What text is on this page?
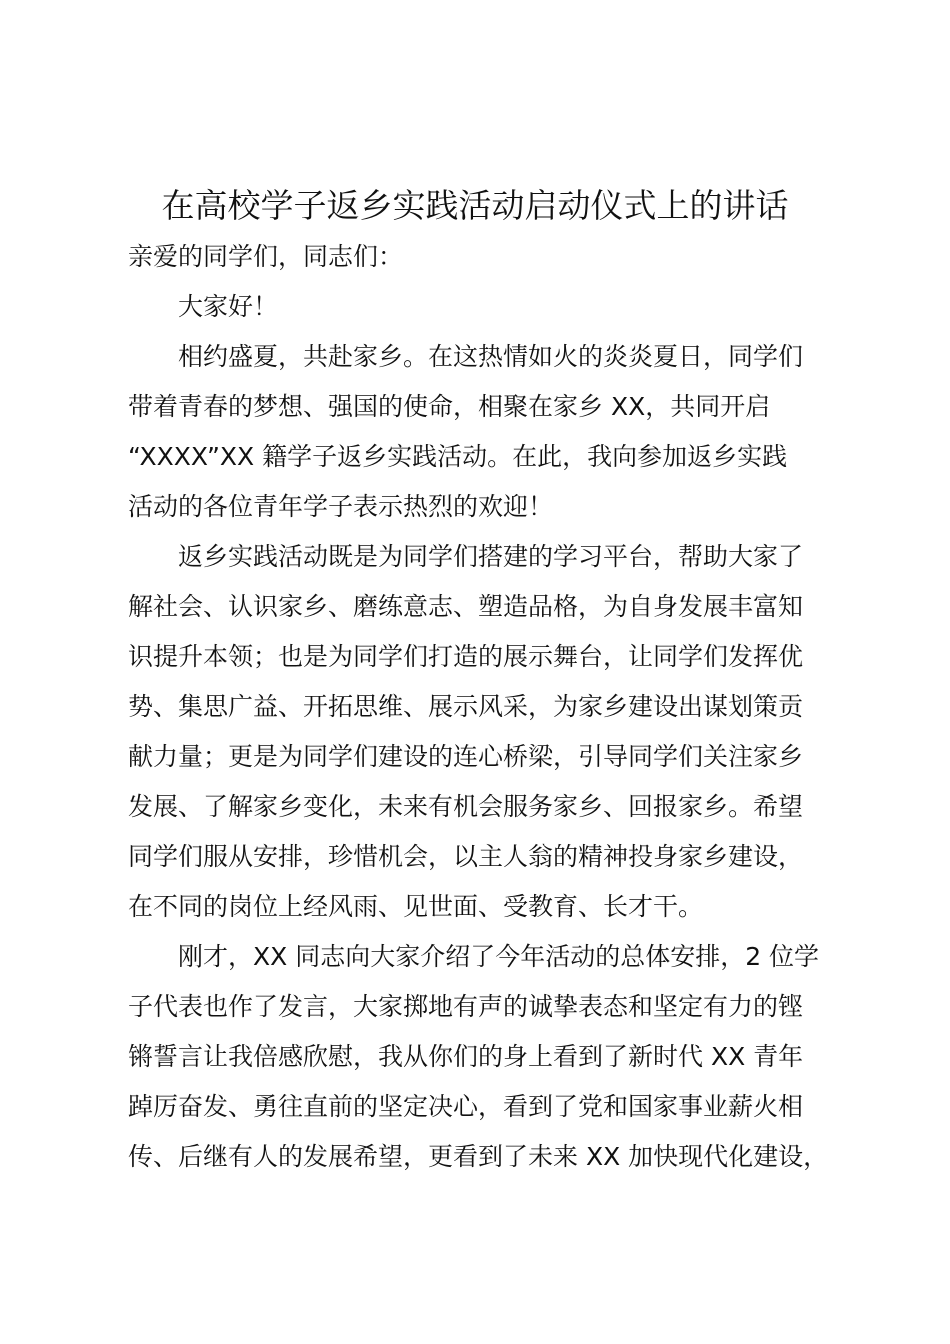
在高校学子返乡实践活动启动仪式上的讲话
亲爱的同学们，同志们：
大家好！
相约盛夏，共赴家乡。在这热情如火的炎炎夏日，同学们
带着青春的梦想、强国的使命，相聚在家乡 XX，共同开启
“XXXX”XX 籍学子返乡实践活动。在此，我向参加返乡实践
活动的各位青年学子表示热烈的欢迎！
返乡实践活动既是为同学们搭建的学习平台，帮助大家了
解社会、认识家乡、磨练意志、塑造品格，为自身发展丰富知
识提升本领；也是为同学们打造的展示舞台，让同学们发挥优
势、集思广益、开拓思维、展示风采，为家乡建设出谋划策贡
献力量；更是为同学们建设的连心桥梁，引导同学们关注家乡
发展、了解家乡变化，未来有机会服务家乡、回报家乡。希望
同学们服从安排，珍惜机会，以主人翁的精神投身家乡建设，
在不同的岗位上经风雨、见世面、受教育、长才干。
刚才，XX 同志向大家介绍了今年活动的总体安排，2 位学
子代表也作了发言，大家掷地有声的诚挚表态和坚定有力的铿
锵誓言让我倍感欣慰，我从你们的身上看到了新时代 XX 青年
踔厉奋发、勇往直前的坚定决心，看到了党和国家事业薪火相
传、后继有人的发展希望，更看到了未来 XX 加快现代化建设，
